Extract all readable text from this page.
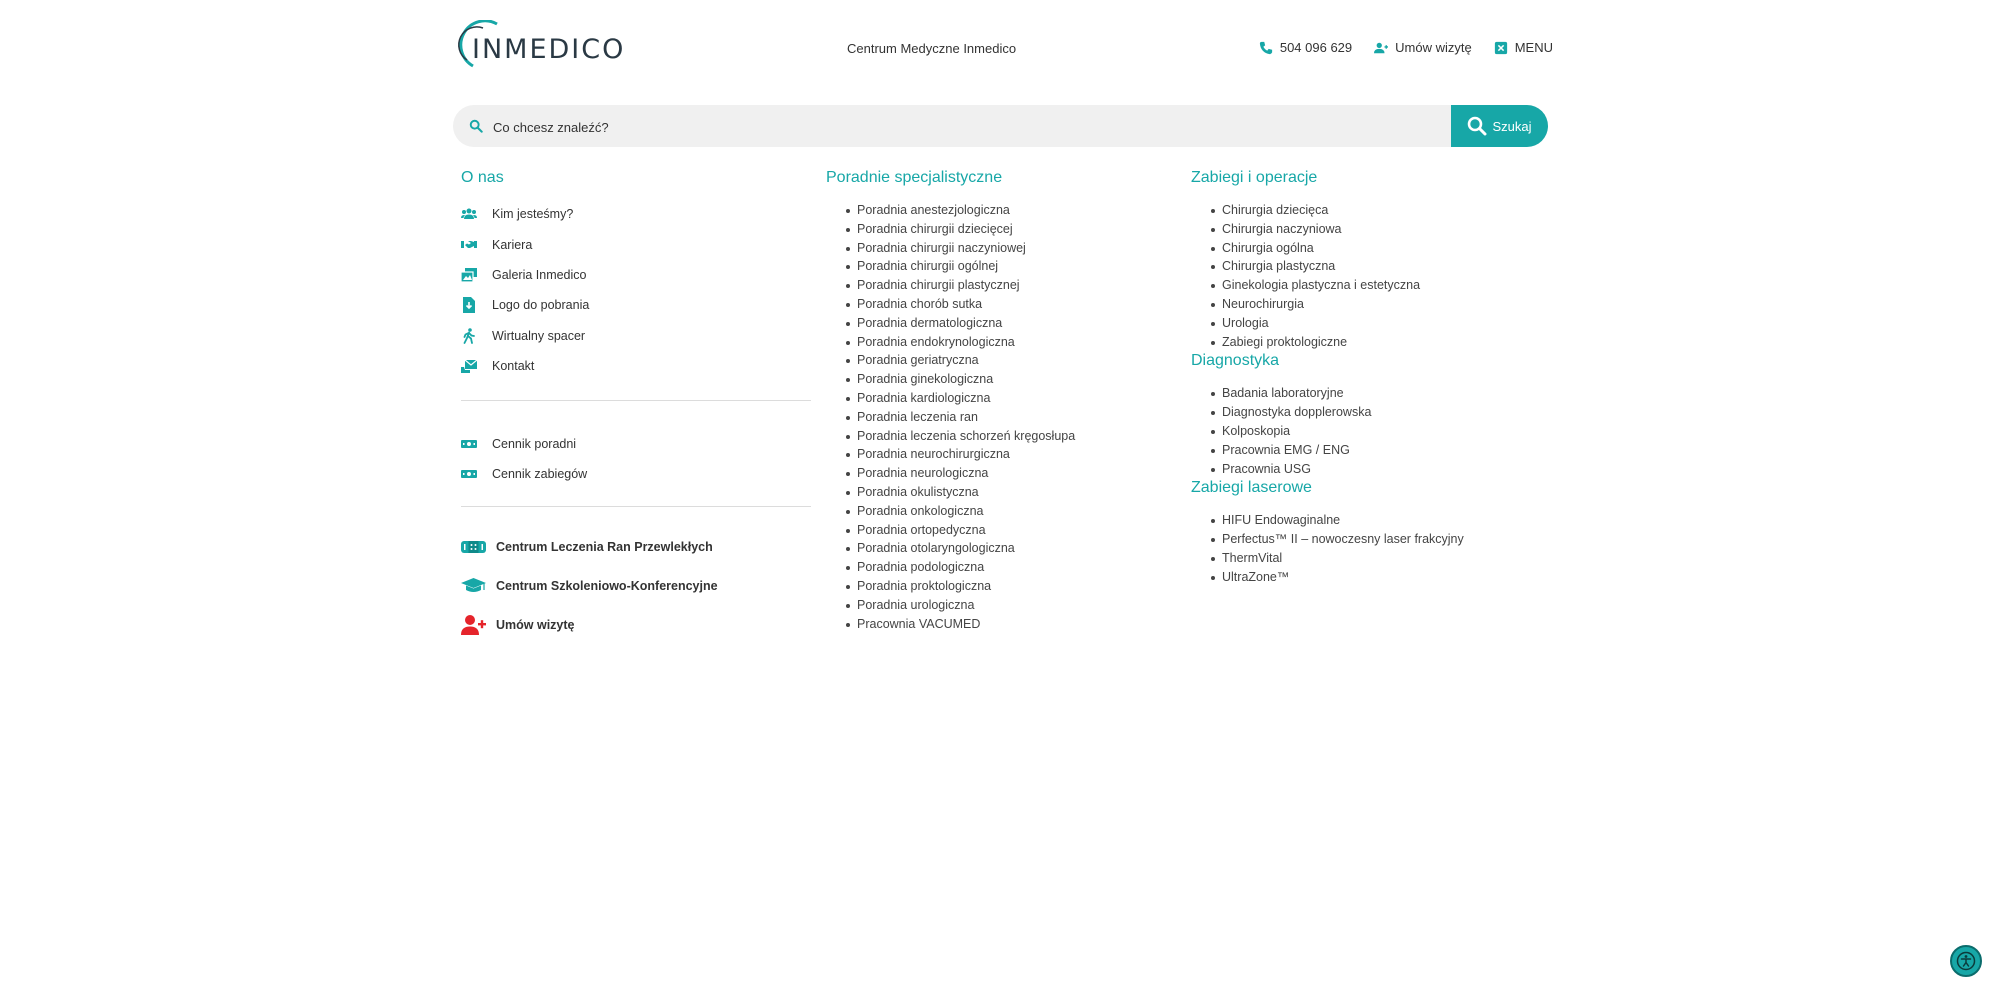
INMEDICO	Centrum Medyczne Inmedico	504 096 629	Umów wizytę	MENU
Co chcesz znaleźć?
Szukaj
O nas
Kim jesteśmy?
Kariera
Galeria Inmedico
Logo do pobrania
Wirtualny spacer
Kontakt
Cennik poradni
Cennik zabiegów
Centrum Leczenia Ran Przewlekłych
Centrum Szkoleniowo-Konferencyjne
Umów wizytę
Poradnie specjalistyczne
Poradnia anestezjologiczna
Poradnia chirurgii dziecięcej
Poradnia chirurgii naczyniowej
Poradnia chirurgii ogólnej
Poradnia chirurgii plastycznej
Poradnia chorób sutka
Poradnia dermatologiczna
Poradnia endokrynologiczna
Poradnia geriatryczna
Poradnia ginekologiczna
Poradnia kardiologiczna
Poradnia leczenia ran
Poradnia leczenia schorzeń kręgosłupa
Poradnia neurochirurgiczna
Poradnia neurologiczna
Poradnia okulistyczna
Poradnia onkologiczna
Poradnia ortopedyczna
Poradnia otolaryngologiczna
Poradnia podologiczna
Poradnia proktologiczna
Poradnia urologiczna
Pracownia VACUMED
Zabiegi i operacje
Chirurgia dziecięca
Chirurgia naczyniowa
Chirurgia ogólna
Chirurgia plastyczna
Ginekologia plastyczna i estetyczna
Neurochirurgia
Urologia
Zabiegi proktologiczne
Diagnostyka
Badania laboratoryjne
Diagnostyka dopplerowska
Kolposkopia
Pracownia EMG / ENG
Pracownia USG
Zabiegi laserowe
HIFU Endowaginalne
Perfectus™ II – nowoczesny laser frakcyjny
ThermVital
UltraZone™
